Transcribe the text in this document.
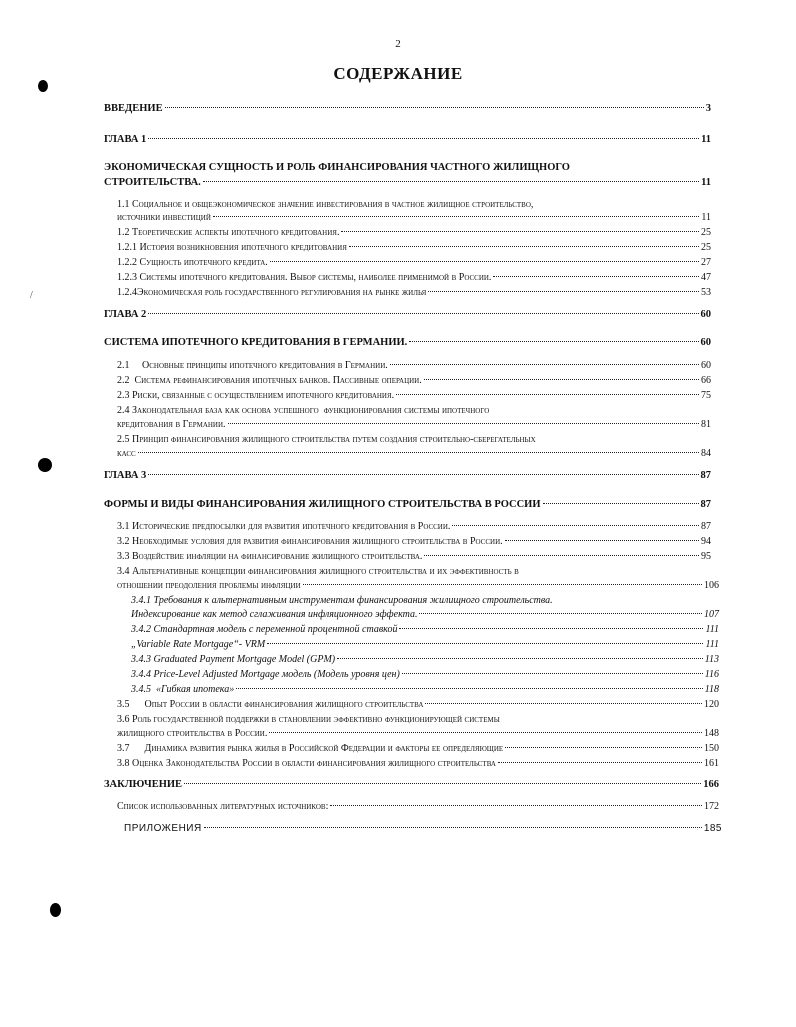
2
СОДЕРЖАНИЕ
/
ВВЕДЕНИЕ	3
ГЛАВА 1	11
ЭКОНОМИЧЕСКАЯ СУЩНОСТЬ И РОЛЬ ФИНАНСИРОВАНИЯ ЧАСТНОГО ЖИЛИЩНОГО
СТРОИТЕЛЬСТВА.	11
1.1 Социальное и общеэкономическое значение инвестирования в частное жилищное строительство,
источники инвестиций	11
1.2 Теоретические аспекты ипотечного кредитования.	25
1.2.1 История возникновения ипотечного кредитования	25
1.2.2 Сущность ипотечного кредита.	27
1.2.3 Системы ипотечного кредитования. Выбор системы, наиболее применимой в России.	47
1.2.4Экономическая роль государственного регулирования на рынке жилья	53
ГЛАВА 2	60
СИСТЕМА ИПОТЕЧНОГО КРЕДИТОВАНИЯ В ГЕРМАНИИ.	60
2.1     Основные принципы ипотечного кредитования в Германии.	60
2.2  Система рефинансирования ипотечных банков. Пассивные операции.	66
2.3 Риски, связанные с осуществлением ипотечного кредитования.	75
2.4 Законодательная база как основа успешного  функционирования системы ипотечного
кредитования в Германии.	81
2.5 Принцип финансирования жилищного строительства путем создания строительно-сберегательных
касс	84
ГЛАВА 3	87
ФОРМЫ И ВИДЫ ФИНАНСИРОВАНИЯ ЖИЛИЩНОГО СТРОИТЕЛЬСТВА В РОССИИ	87
3.1 Исторические предпосылки для развития ипотечного кредитования в России.	87
3.2 Необходимые условия для развития финансирования жилищного строительства в России.	94
3.3 Воздействие инфляции на финансирование жилищного строительства.	95
3.4 Альтернативные концепции финансирования жилищного строительства и их эффективность в
отношении преодоления проблемы инфляции	106
3.4.1 Требования к альтернативным инструментам финансирования жилищного строительства.
Индексирование как метод сглаживания инфляционного эффекта.	107
3.4.2 Стандартная модель с переменной процентной ставкой	111
„Variable Rate Mortgage“- VRM	111
3.4.3 Graduated Payment Mortgage Model (GPM)	113
3.4.4 Price-Level Adjusted Mortgage модель (Модель уровня цен)	116
3.4.5  «Гибкая ипотека»	118
3.5      Опыт России в области финансирования жилищного строительства	120
3.6 Роль государственной поддержки в становлении эффективно функционирующей системы
жилищного строительства в России.	148
3.7      Динамика развития рынка жилья в Российской Федерации и факторы ее определяющие	150
3.8 Оценка Законодательства России в области финансирования жилищного строительства	161
ЗАКЛЮЧЕНИЕ	166
Список использованных литературных источников:	172
ПРИЛОЖЕНИЯ	185
